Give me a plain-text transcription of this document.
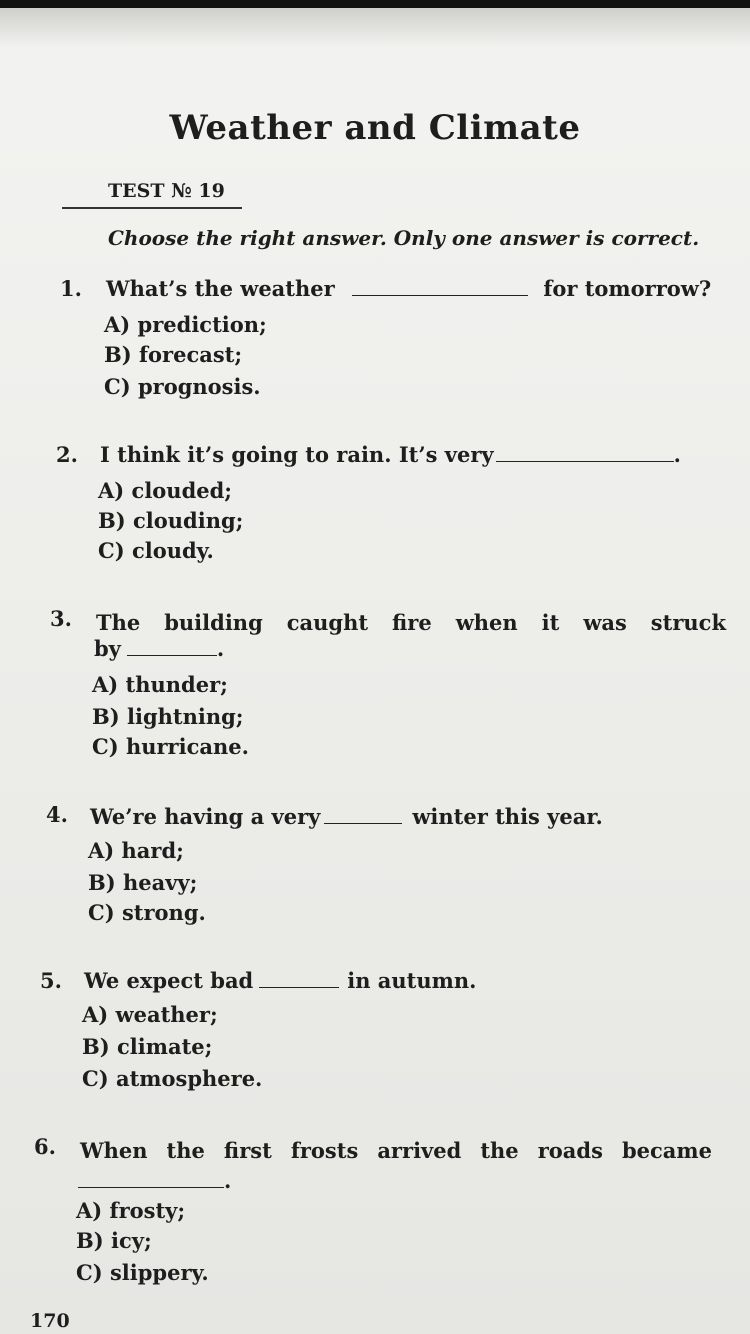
Weather and Climate
TEST № 19
Choose the right answer. Only one answer is correct.
1. What’s the weather	for tomorrow?
A) prediction;
B) forecast;
C) prognosis.
2. I think it’s going to rain. It’s very	.
A) clouded;
B) clouding;
C) cloudy.
3. The building caught fire when it was struck
by	.
A) thunder;
B) lightning;
C) hurricane.
4. We’re having a very	winter this year.
A) hard;
B) heavy;
C) strong.
5. We expect bad	in autumn.
A) weather;
B) climate;
C) atmosphere.
6. When the first frosts arrived the roads became
.
A) frosty;
B) icy;
C) slippery.
170
